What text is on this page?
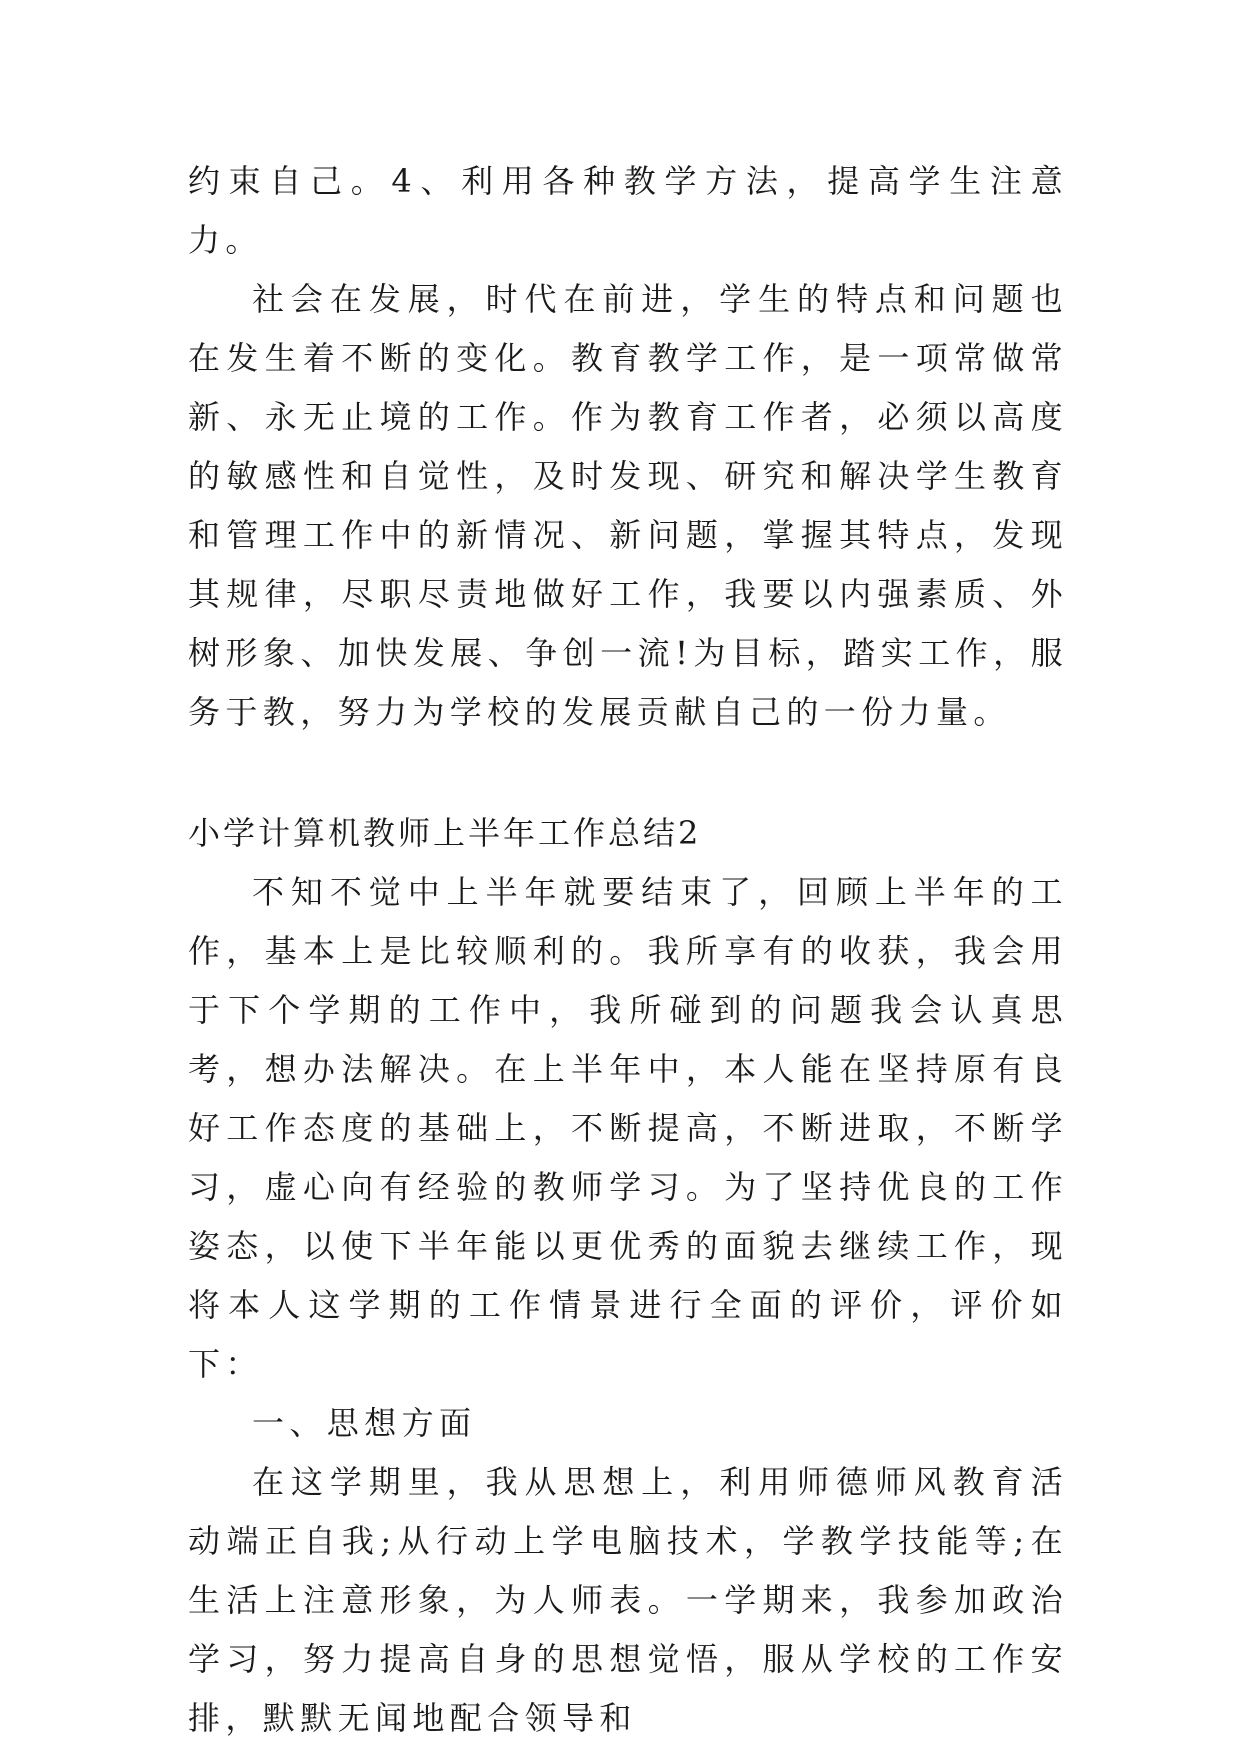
约束自己。4、利用各种教学方法，提高学生注意力。

社会在发展，时代在前进，学生的特点和问题也在发生着不断的变化。教育教学工作，是一项常做常新、永无止境的工作。作为教育工作者，必须以高度的敏感性和自觉性，及时发现、研究和解决学生教育和管理工作中的新情况、新问题，掌握其特点，发现其规律，尽职尽责地做好工作，我要以内强素质、外树形象、加快发展、争创一流!为目标，踏实工作，服务于教，努力为学校的发展贡献自己的一份力量。

小学计算机教师上半年工作总结2

不知不觉中上半年就要结束了，回顾上半年的工作，基本上是比较顺利的。我所享有的收获，我会用于下个学期的工作中，我所碰到的问题我会认真思考，想办法解决。在上半年中，本人能在坚持原有良好工作态度的基础上，不断提高，不断进取，不断学习，虚心向有经验的教师学习。为了坚持优良的工作姿态，以使下半年能以更优秀的面貌去继续工作，现将本人这学期的工作情景进行全面的评价，评价如下：

一、思想方面

在这学期里，我从思想上，利用师德师风教育活动端正自我;从行动上学电脑技术，学教学技能等;在生活上注意形象，为人师表。一学期来，我参加政治学习，努力提高自身的思想觉悟，服从学校的工作安排，默默无闻地配合领导和
